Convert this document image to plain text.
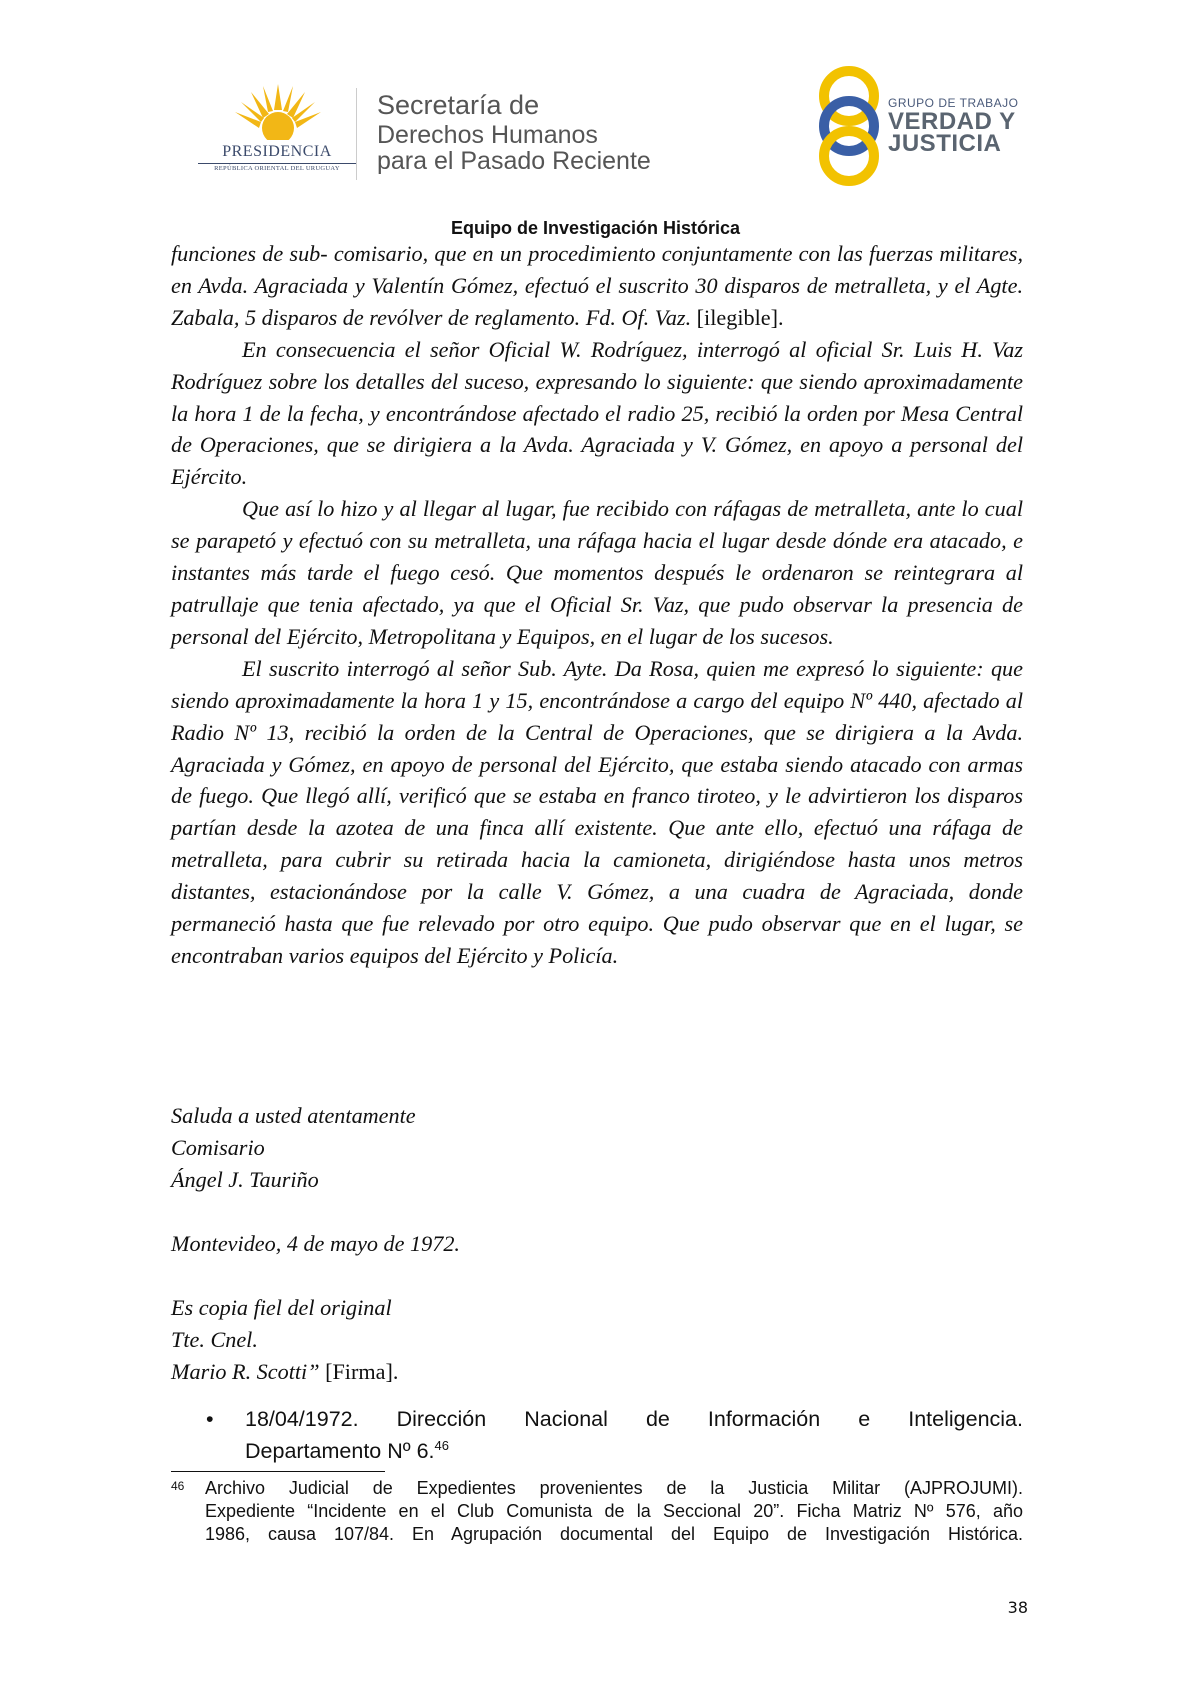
PRESIDENCIA
REPÚBLICA ORIENTAL DEL URUGUAY
Secretaría de
Derechos Humanos
para el Pasado Reciente
GRUPO DE TRABAJO
VERDAD Y
JUSTICIA
Equipo de Investigación Histórica

funciones de sub- comisario, que en un procedimiento conjuntamente con las fuerzas militares, en Avda. Agraciada y Valentín Gómez, efectuó el suscrito 30 disparos de metralleta, y el Agte. Zabala, 5 disparos de revólver de reglamento. Fd. Of. Vaz. [ilegible].

En consecuencia el señor Oficial W. Rodríguez, interrogó al oficial Sr. Luis H. Vaz Rodríguez sobre los detalles del suceso, expresando lo siguiente: que siendo aproximadamente la hora 1 de la fecha, y encontrándose afectado el radio 25, recibió la orden por Mesa Central de Operaciones, que se dirigiera a la Avda. Agraciada y V. Gómez, en apoyo a personal del Ejército.

Que así lo hizo y al llegar al lugar, fue recibido con ráfagas de metralleta, ante lo cual se parapetó y efectuó con su metralleta, una ráfaga hacia el lugar desde dónde era atacado, e instantes más tarde el fuego cesó. Que momentos después le ordenaron se reintegrara al patrullaje que tenia afectado, ya que el Oficial Sr. Vaz, que pudo observar la presencia de personal del Ejército, Metropolitana y Equipos, en el lugar de los sucesos.

El suscrito interrogó al señor Sub. Ayte. Da Rosa, quien me expresó lo siguiente: que siendo aproximadamente la hora 1 y 15, encontrándose a cargo del equipo Nº 440, afectado al Radio Nº 13, recibió la orden de la Central de Operaciones, que se dirigiera a la Avda. Agraciada y Gómez, en apoyo de personal del Ejército, que estaba siendo atacado con armas de fuego. Que llegó allí, verificó que se estaba en franco tiroteo, y le advirtieron los disparos partían desde la azotea de una finca allí existente. Que ante ello, efectuó una ráfaga de metralleta, para cubrir su retirada hacia la camioneta, dirigiéndose hasta unos metros distantes, estacionándose por la calle V. Gómez, a una cuadra de Agraciada, donde permaneció hasta que fue relevado por otro equipo. Que pudo observar que en el lugar, se encontraban varios equipos del Ejército y Policía.

Saluda a usted atentamente

Comisario

Ángel J. Tauriño

Montevideo, 4 de mayo de 1972.

Es copia fiel del original

Tte. Cnel.

Mario R. Scotti” [Firma].

• 18/04/1972. Dirección Nacional de Información e Inteligencia.
Departamento Nº 6.46
46 Archivo Judicial de Expedientes provenientes de la Justicia Militar (AJPROJUMI).

Expediente “Incidente en el Club Comunista de la Seccional 20”. Ficha Matriz Nº 576, año
1986, causa 107/84. En Agrupación documental del Equipo de Investigación Histórica.
38
